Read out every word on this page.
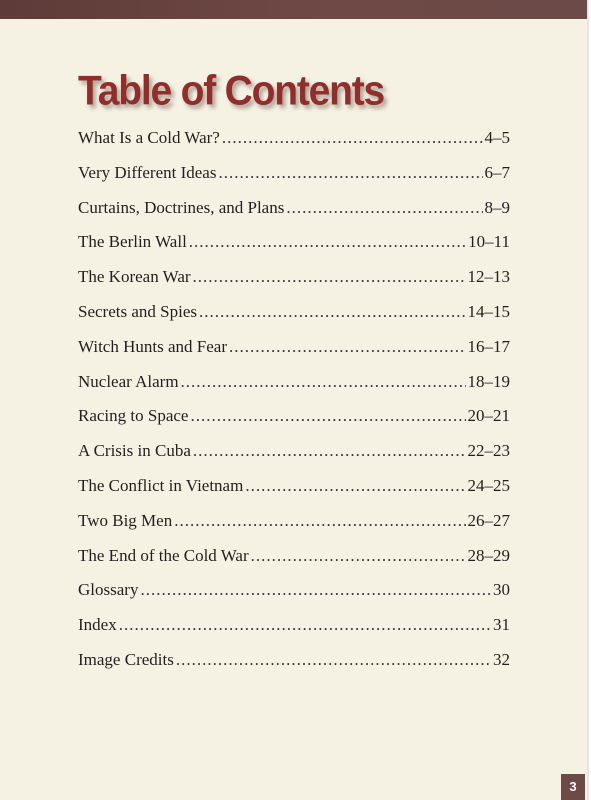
Table of Contents
What Is a Cold War? .....	4–5
Very Different Ideas .....	6–7
Curtains, Doctrines, and Plans .....	8–9
The Berlin Wall .....	10–11
The Korean War .....	12–13
Secrets and Spies .....	14–15
Witch Hunts and Fear .....	16–17
Nuclear Alarm .....	18–19
Racing to Space .....	20–21
A Crisis in Cuba .....	22–23
The Conflict in Vietnam .....	24–25
Two Big Men .....	26–27
The End of the Cold War .....	28–29
Glossary .....	30
Index .....	31
Image Credits .....	32
3
